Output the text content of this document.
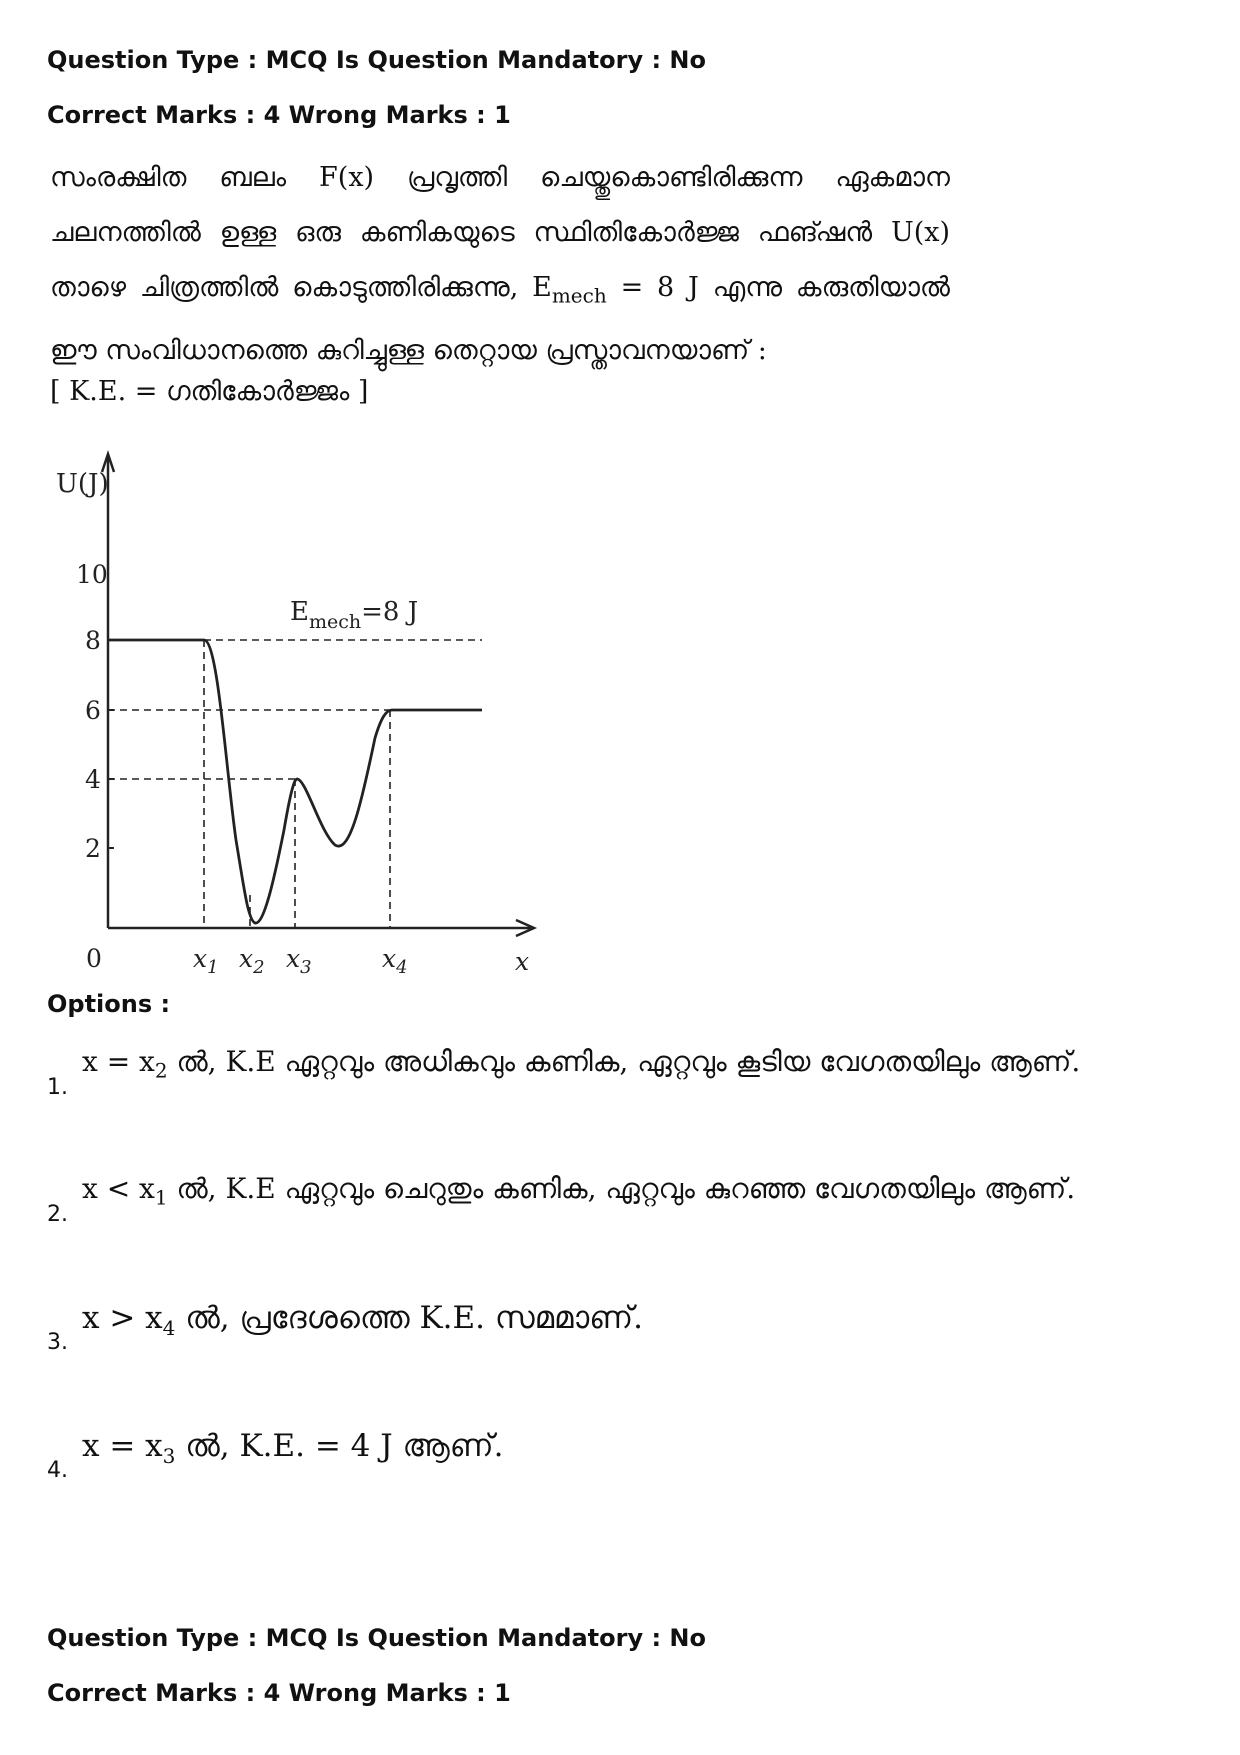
Question Type : MCQ Is Question Mandatory : No
Correct Marks : 4 Wrong Marks : 1
സംരക്ഷിത ബലം F(x) പ്രവൃത്തി ചെയ്തുകൊണ്ടിരിക്കുന്ന ഏകമാന ചലനത്തിൽ ഉള്ള ഒരു കണികയുടെ സ്ഥിതികോർജ്ജ ഫങ്ഷൻ U(x) താഴെ ചിത്രത്തിൽ കൊടുത്തിരിക്കുന്നു, $E_{mech} = 8$ J എന്നു കരുതിയാൽ ഈ സംവിധാനത്തെ കുറിച്ചുള്ള തെറ്റായ പ്രസ്താവനയാണ് :
[ K.E. = ഗതികോർജ്ജം ]
U(J)
10
8
6
4
2
0	$x_1$ $x_2$ $x_3$	$x_4$	x
$E_{mech}=8$ J
Options :
1.
$x = x_2$ ൽ, K.E ഏറ്റവും അധികവും കണിക, ഏറ്റവും കൂടിയ വേഗതയിലും ആണ്.
2.
$x < x_1$ ൽ, K.E ഏറ്റവും ചെറുതും കണിക, ഏറ്റവും കുറഞ്ഞ വേഗതയിലും ആണ്.
3.
$x > x_4$ ൽ, പ്രദേശത്തെ K.E. സമമാണ്.
4.
$x = x_3$ ൽ, K.E. = 4 J ആണ്.
Question Type : MCQ Is Question Mandatory : No
Correct Marks : 4 Wrong Marks : 1
